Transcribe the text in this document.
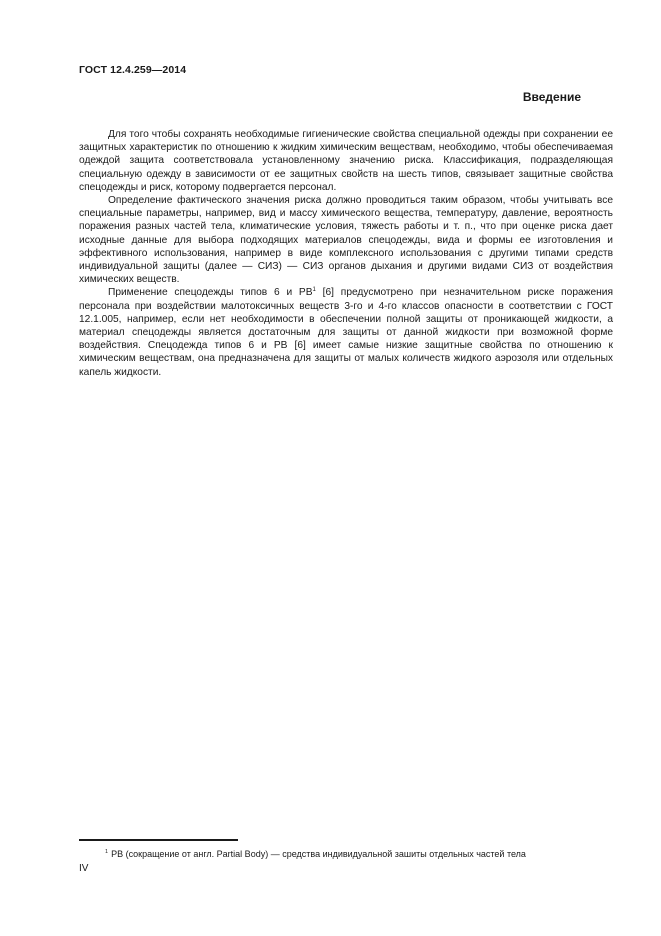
ГОСТ 12.4.259—2014
Введение

Для того чтобы сохранять необходимые гигиенические свойства специальной одежды при сохранении ее защитных характеристик по отношению к жидким химическим веществам, необходимо, чтобы обеспечиваемая одеждой защита соответствовала установленному значению риска. Классификация, подразделяющая специальную одежду в зависимости от ее защитных свойств на шесть типов, связывает защитные свойства спецодежды и риск, которому подвергается персонал.

Определение фактического значения риска должно проводиться таким образом, чтобы учитывать все специальные параметры, например, вид и массу химического вещества, температуру, давление, вероятность поражения разных частей тела, климатические условия, тяжесть работы и т. п., что при оценке риска дает исходные данные для выбора подходящих материалов спецодежды, вида и формы ее изготовления и эффективного использования, например в виде комплексного использования с другими типами средств индивидуальной защиты (далее — СИЗ) — СИЗ органов дыхания и другими видами СИЗ от воздействия химических веществ.

Применение спецодежды типов 6 и $РВ^1$ [6] предусмотрено при незначительном риске поражения персонала при воздействии малотоксичных веществ 3-го и 4-го классов опасности в соответствии с ГОСТ 12.1.005, например, если нет необходимости в обеспечении полной защиты от проникающей жидкости, а материал спецодежды является достаточным для защиты от данной жидкости при возможной форме воздействия. Спецодежда типов 6 и РВ [6] имеет самые низкие защитные свойства по отношению к химическим веществам, она предназначена для защиты от малых количеств жидкого аэрозоля или отдельных капель жидкости.

$^1$ РВ (сокращение от англ. Partial Body) — средства индивидуальной зашиты отдельных частей тела
IV
